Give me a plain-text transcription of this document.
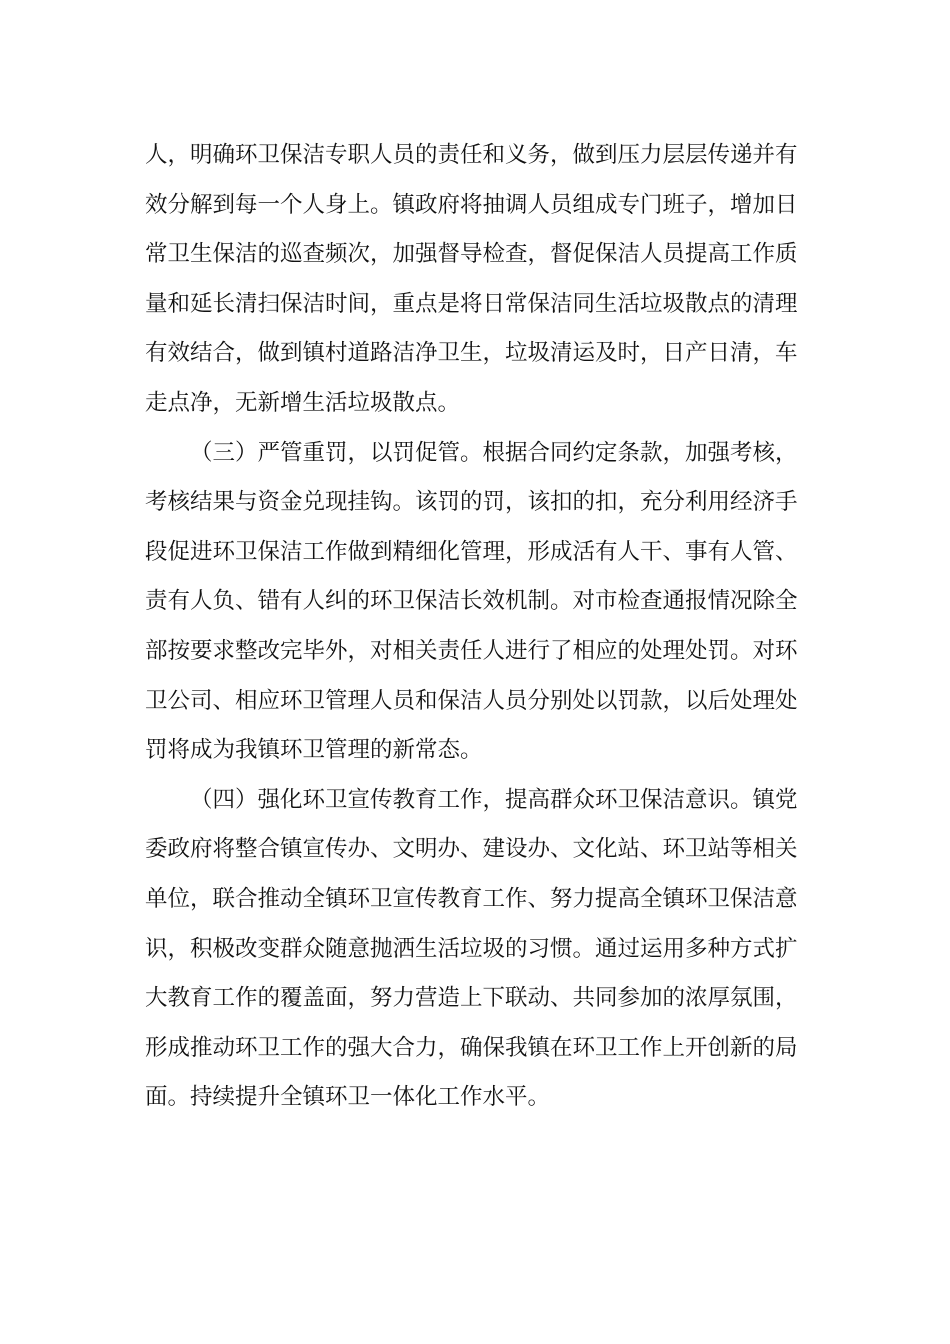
人，明确环卫保洁专职人员的责任和义务，做到压力层层传递并有
效分解到每一个人身上。镇政府将抽调人员组成专门班子，增加日
常卫生保洁的巡查频次，加强督导检查，督促保洁人员提高工作质
量和延长清扫保洁时间，重点是将日常保洁同生活垃圾散点的清理
有效结合，做到镇村道路洁净卫生，垃圾清运及时，日产日清，车
走点净，无新增生活垃圾散点。

（三）严管重罚，以罚促管。根据合同约定条款，加强考核，
考核结果与资金兑现挂钩。该罚的罚，该扣的扣，充分利用经济手
段促进环卫保洁工作做到精细化管理，形成活有人干、事有人管、
责有人负、错有人纠的环卫保洁长效机制。对市检查通报情况除全
部按要求整改完毕外，对相关责任人进行了相应的处理处罚。对环
卫公司、相应环卫管理人员和保洁人员分别处以罚款，以后处理处
罚将成为我镇环卫管理的新常态。

（四）强化环卫宣传教育工作，提高群众环卫保洁意识。镇党
委政府将整合镇宣传办、文明办、建设办、文化站、环卫站等相关
单位，联合推动全镇环卫宣传教育工作、努力提高全镇环卫保洁意
识，积极改变群众随意抛洒生活垃圾的习惯。通过运用多种方式扩
大教育工作的覆盖面，努力营造上下联动、共同参加的浓厚氛围，
形成推动环卫工作的强大合力，确保我镇在环卫工作上开创新的局
面。持续提升全镇环卫一体化工作水平。
